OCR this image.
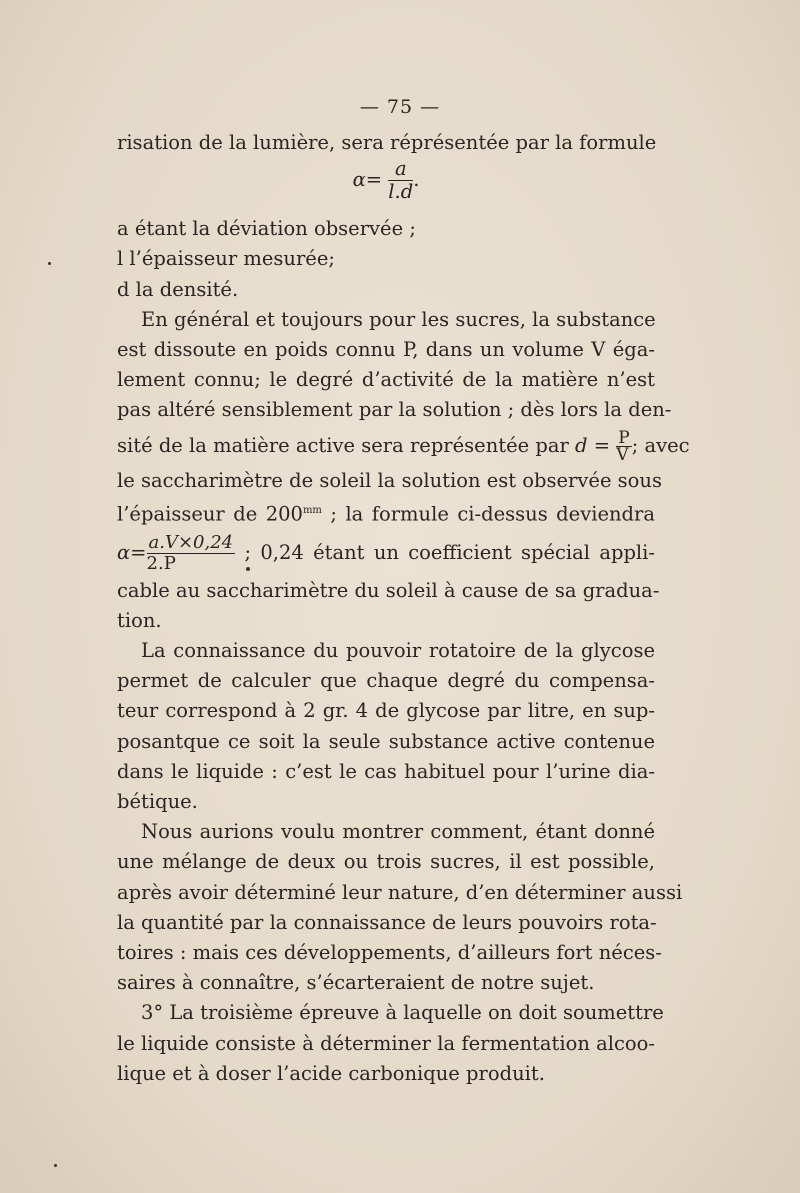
— 75 —
risation de la lumière, sera réprésentée par la formule
$\alpha= \frac{a}{l.d}$ .
a étant la déviation observée ;
l l’épaisseur mesurée;
d la densité.
En général et toujours pour les sucres, la substance
est dissoute en poids connu P, dans un volume V éga-
lement connu; le degré d’activité de la matière n’est
pas altéré sensiblement par la solution ; dès lors la den-
sité de la matière active sera représentée par $d = \frac{P}{V}$ ; avec
le saccharimètre de soleil la solution est observée sous
l’épaisseur de $200^{mm}$ ; la formule ci-dessus deviendra
$\alpha= \frac{a.V\times 0,24}{2.P}$ ; 0,24 étant un coefficient spécial appli-
cable au saccharimètre du soleil à cause de sa gradua-
tion.
La connaissance du pouvoir rotatoire de la glycose
permet de calculer que chaque degré du compensa-
teur correspond à 2 gr. 4 de glycose par litre, en sup-
posantque ce soit la seule substance active contenue
dans le liquide : c’est le cas habituel pour l’urine dia-
bétique.
Nous aurions voulu montrer comment, étant donné
une mélange de deux ou trois sucres, il est possible,
après avoir déterminé leur nature, d’en déterminer aussi
la quantité par la connaissance de leurs pouvoirs rota-
toires : mais ces développements, d’ailleurs fort néces-
saires à connaître, s’écarteraient de notre sujet.
3° La troisième épreuve à laquelle on doit soumettre
le liquide consiste à déterminer la fermentation alcoo-
lique et à doser l’acide carbonique produit.
